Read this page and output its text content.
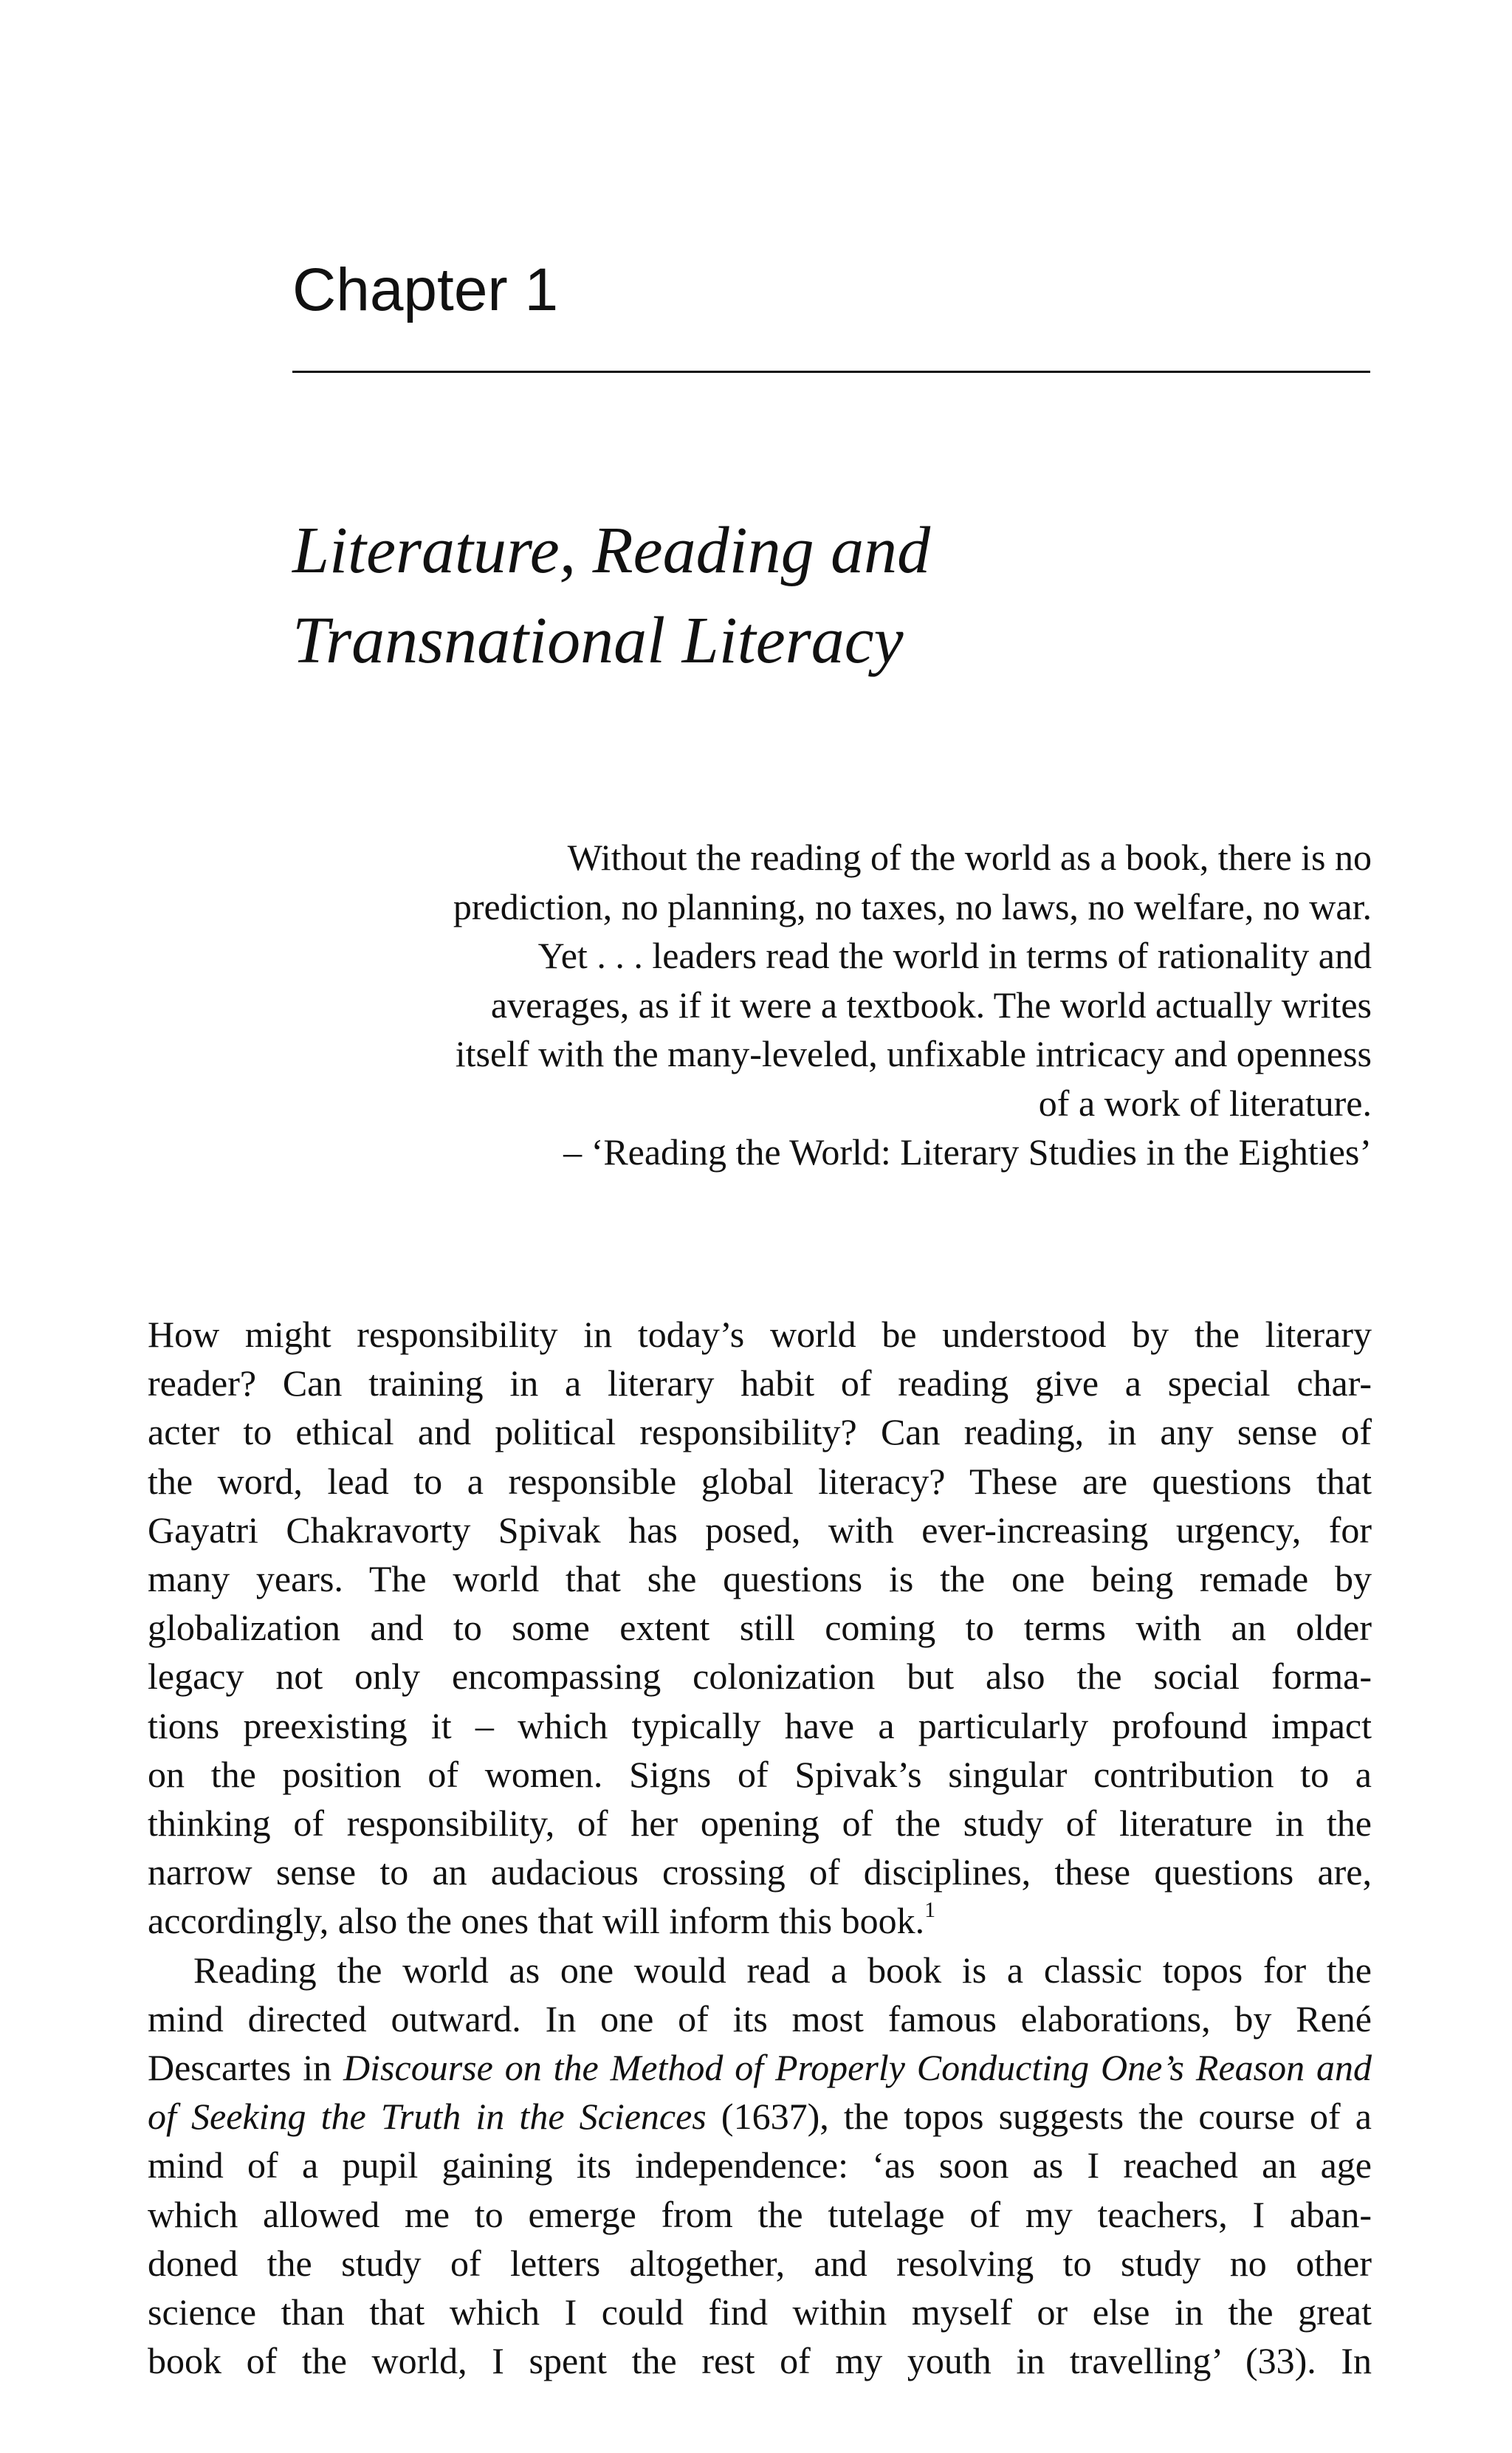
Chapter 1
Literature, Reading and
Transnational Literacy
Without the reading of the world as a book, there is no
prediction, no planning, no taxes, no laws, no welfare, no war.
Yet . . . leaders read the world in terms of rationality and
averages, as if it were a textbook. The world actually writes
itself with the many-leveled, unfixable intricacy and openness
of a work of literature.
– ‘Reading the World: Literary Studies in the Eighties’
How might responsibility in today’s world be understood by the literary
reader? Can training in a literary habit of reading give a special char-
acter to ethical and political responsibility? Can reading, in any sense of
the word, lead to a responsible global literacy? These are questions that
Gayatri Chakravorty Spivak has posed, with ever-increasing urgency, for
many years. The world that she questions is the one being remade by
globalization and to some extent still coming to terms with an older
legacy not only encompassing colonization but also the social forma-
tions preexisting it – which typically have a particularly profound impact
on the position of women. Signs of Spivak’s singular contribution to a
thinking of responsibility, of her opening of the study of literature in the
narrow sense to an audacious crossing of disciplines, these questions are,
accordingly, also the ones that will inform this book.$^1$
Reading the world as one would read a book is a classic topos for the
mind directed outward. In one of its most famous elaborations, by René
Descartes in Discourse on the Method of Properly Conducting One’s Reason and
of Seeking the Truth in the Sciences (1637), the topos suggests the course of a
mind of a pupil gaining its independence: ‘as soon as I reached an age
which allowed me to emerge from the tutelage of my teachers, I aban-
doned the study of letters altogether, and resolving to study no other
science than that which I could find within myself or else in the great
book of the world, I spent the rest of my youth in travelling’ (33). In
